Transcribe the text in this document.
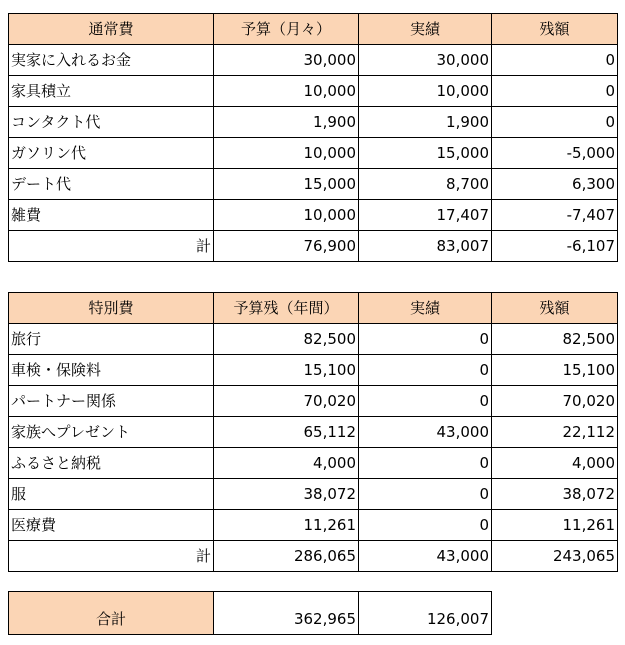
通常費	予算（月々）	実績	残額
実家に入れるお金	30,000	30,000	0
家具積立	10,000	10,000	0
コンタクト代	1,900	1,900	0
ガソリン代	10,000	15,000	-5,000
デート代	15,000	8,700	6,300
雑費	10,000	17,407	-7,407
計	76,900	83,007	-6,107
特別費	予算残（年間）	実績	残額
旅行	82,500	0	82,500
車検・保険料	15,100	0	15,100
パートナー関係	70,020	0	70,020
家族へプレゼント	65,112	43,000	22,112
ふるさと納税	4,000	0	4,000
服	38,072	0	38,072
医療費	11,261	0	11,261
計	286,065	43,000	243,065
合計	362,965	126,007
